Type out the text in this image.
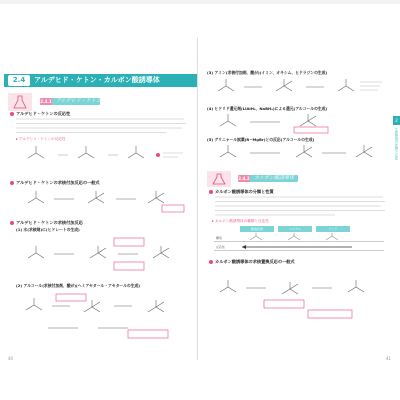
2.4	アルデヒド・ケトン・カルボン酸誘導体
2.4.1 アルデヒド・ケトン
アルデヒド・ケトンの反応性
▸ アルデヒド・ケトンの反応性
アルデヒド・ケトンの求核付加反応の一般式
アルデヒド・ケトンの求核付加反応
(1) 水(求核剤)に(ヒドレートの生成)
(2) アルコール(求核付加剤、酸が)(ヘミアセタール・アセタールの生成)
40
(3) アミン(求核付加剤、酸が)(イミン、オキシム、ヒドラジンの生成)
(4) ヒドリド還元剤(LiAlH₄、NaBH₄)による還元(アルコールの生成)
(5) グリニャール試薬(R−MgBr)との反応(アルコールの生成)
2.4.2 カルボン酸誘導体
カルボン酸誘導体の分類と性質
▸ カルボン酸誘導体の種類と反応性
酸塩化物	エステル	アミド
構造
反応性
カルボン酸誘導体の求核置換反応の一般式
41
2
生体物質の性質と反応
